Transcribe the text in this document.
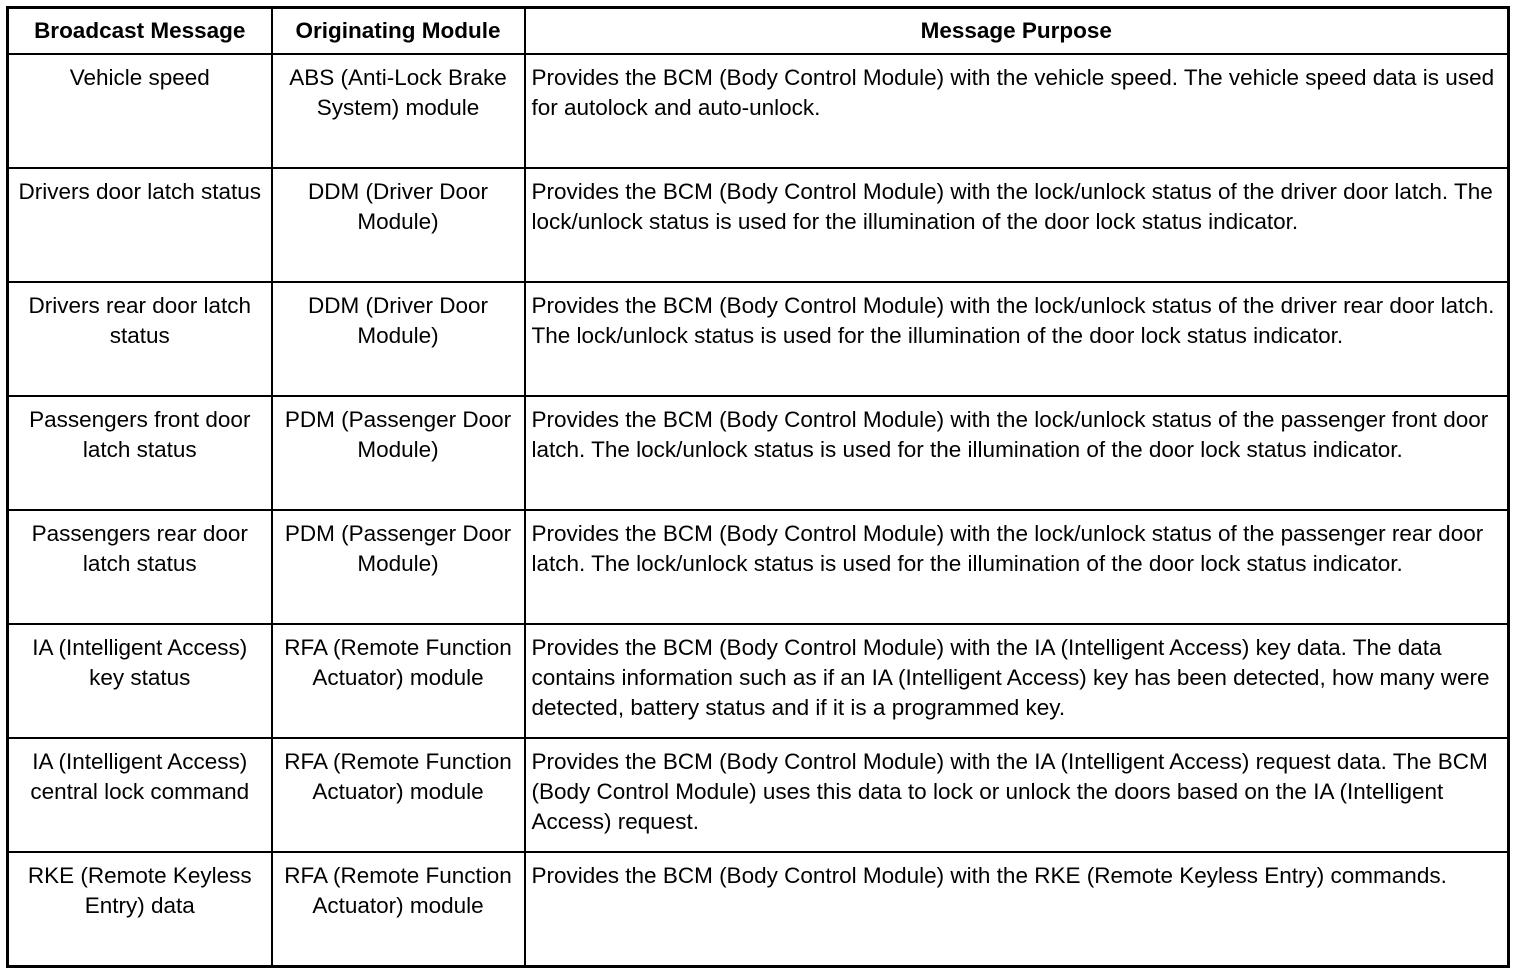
Broadcast Message	Originating Module	Message Purpose
Vehicle speed	ABS (Anti-Lock Brake System) module	Provides the BCM (Body Control Module) with the vehicle speed. The vehicle speed data is used for autolock and auto-unlock.
Drivers door latch status	DDM (Driver Door Module)	Provides the BCM (Body Control Module) with the lock/unlock status of the driver door latch. The lock/unlock status is used for the illumination of the door lock status indicator.
Drivers rear door latch status	DDM (Driver Door Module)	Provides the BCM (Body Control Module) with the lock/unlock status of the driver rear door latch. The lock/unlock status is used for the illumination of the door lock status indicator.
Passengers front door latch status	PDM (Passenger Door Module)	Provides the BCM (Body Control Module) with the lock/unlock status of the passenger front door latch. The lock/unlock status is used for the illumination of the door lock status indicator.
Passengers rear door latch status	PDM (Passenger Door Module)	Provides the BCM (Body Control Module) with the lock/unlock status of the passenger rear door latch. The lock/unlock status is used for the illumination of the door lock status indicator.
IA (Intelligent Access) key status	RFA (Remote Function Actuator) module	Provides the BCM (Body Control Module) with the IA (Intelligent Access) key data. The data contains information such as if an IA (Intelligent Access) key has been detected, how many were detected, battery status and if it is a programmed key.
IA (Intelligent Access) central lock command	RFA (Remote Function Actuator) module	Provides the BCM (Body Control Module) with the IA (Intelligent Access) request data. The BCM (Body Control Module) uses this data to lock or unlock the doors based on the IA (Intelligent Access) request.
RKE (Remote Keyless Entry) data	RFA (Remote Function Actuator) module	Provides the BCM (Body Control Module) with the RKE (Remote Keyless Entry) commands.
